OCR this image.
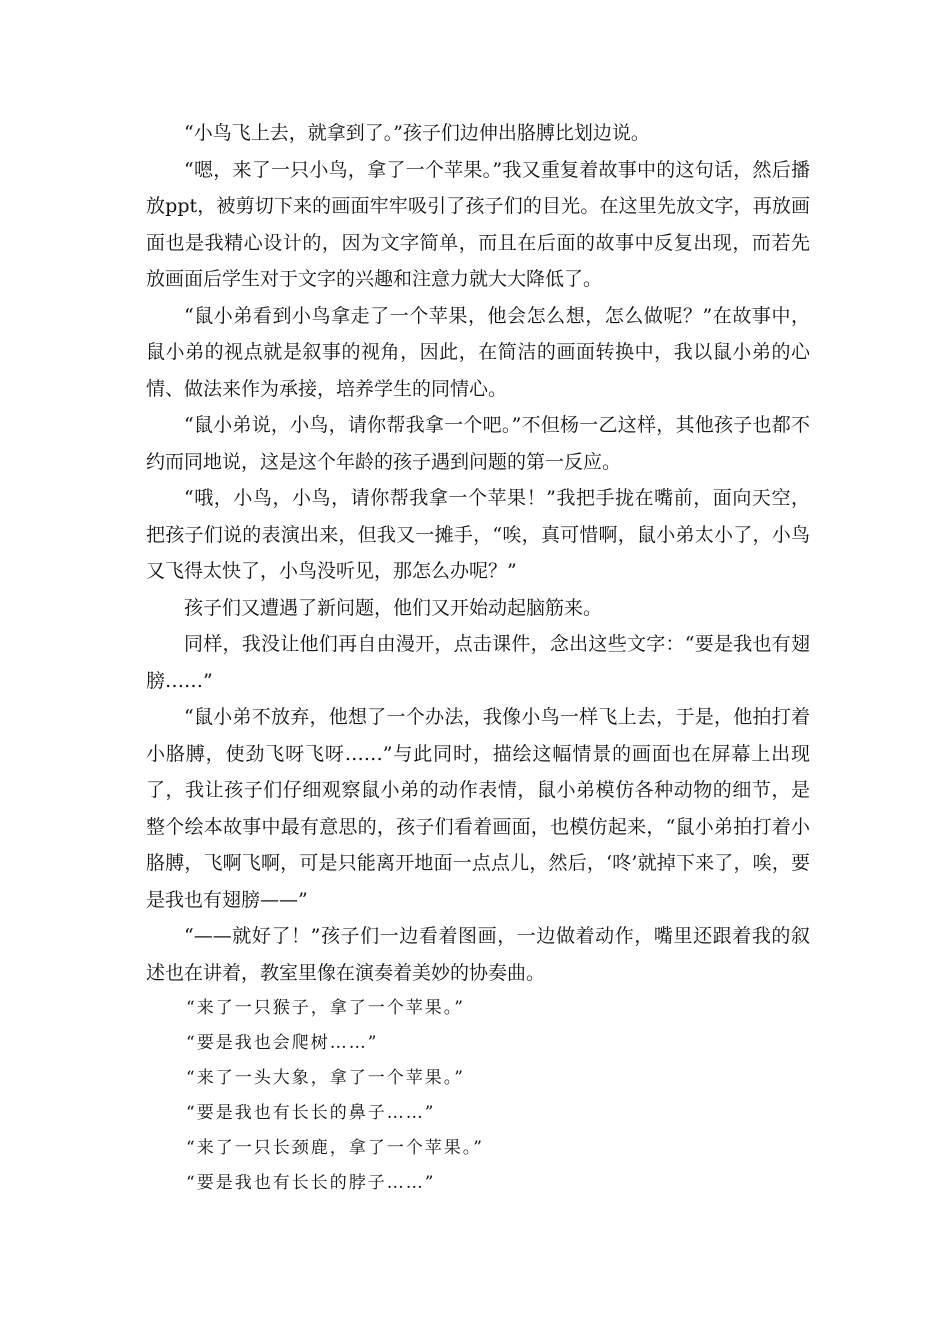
“小鸟飞上去，就拿到了。”孩子们边伸出胳膊比划边说。

“嗯，来了一只小鸟，拿了一个苹果。”我又重复着故事中的这句话，然后播放ppt，被剪切下来的画面牢牢吸引了孩子们的目光。在这里先放文字，再放画面也是我精心设计的，因为文字简单，而且在后面的故事中反复出现，而若先放画面后学生对于文字的兴趣和注意力就大大降低了。

“鼠小弟看到小鸟拿走了一个苹果，他会怎么想，怎么做呢？”在故事中，鼠小弟的视点就是叙事的视角，因此，在简洁的画面转换中，我以鼠小弟的心情、做法来作为承接，培养学生的同情心。

“鼠小弟说，小鸟，请你帮我拿一个吧。”不但杨一乙这样，其他孩子也都不约而同地说，这是这个年龄的孩子遇到问题的第一反应。

“哦，小鸟，小鸟，请你帮我拿一个苹果！”我把手拢在嘴前，面向天空，把孩子们说的表演出来，但我又一摊手，“唉，真可惜啊，鼠小弟太小了，小鸟又飞得太快了，小鸟没听见，那怎么办呢？”

孩子们又遭遇了新问题，他们又开始动起脑筋来。

同样，我没让他们再自由漫开，点击课件，念出这些文字：“要是我也有翅膀……”

“鼠小弟不放弃，他想了一个办法，我像小鸟一样飞上去，于是，他拍打着小胳膊，使劲飞呀飞呀……”与此同时，描绘这幅情景的画面也在屏幕上出现了，我让孩子们仔细观察鼠小弟的动作表情，鼠小弟模仿各种动物的细节，是整个绘本故事中最有意思的，孩子们看着画面，也模仿起来，“鼠小弟拍打着小胳膊，飞啊飞啊，可是只能离开地面一点点儿，然后，‘咚’就掉下来了，唉，要是我也有翅膀——”

“——就好了！”孩子们一边看着图画，一边做着动作，嘴里还跟着我的叙述也在讲着，教室里像在演奏着美妙的协奏曲。

“来了一只猴子，拿了一个苹果。”

“要是我也会爬树……”

“来了一头大象，拿了一个苹果。”

“要是我也有长长的鼻子……”

“来了一只长颈鹿，拿了一个苹果。”

“要是我也有长长的脖子……”
